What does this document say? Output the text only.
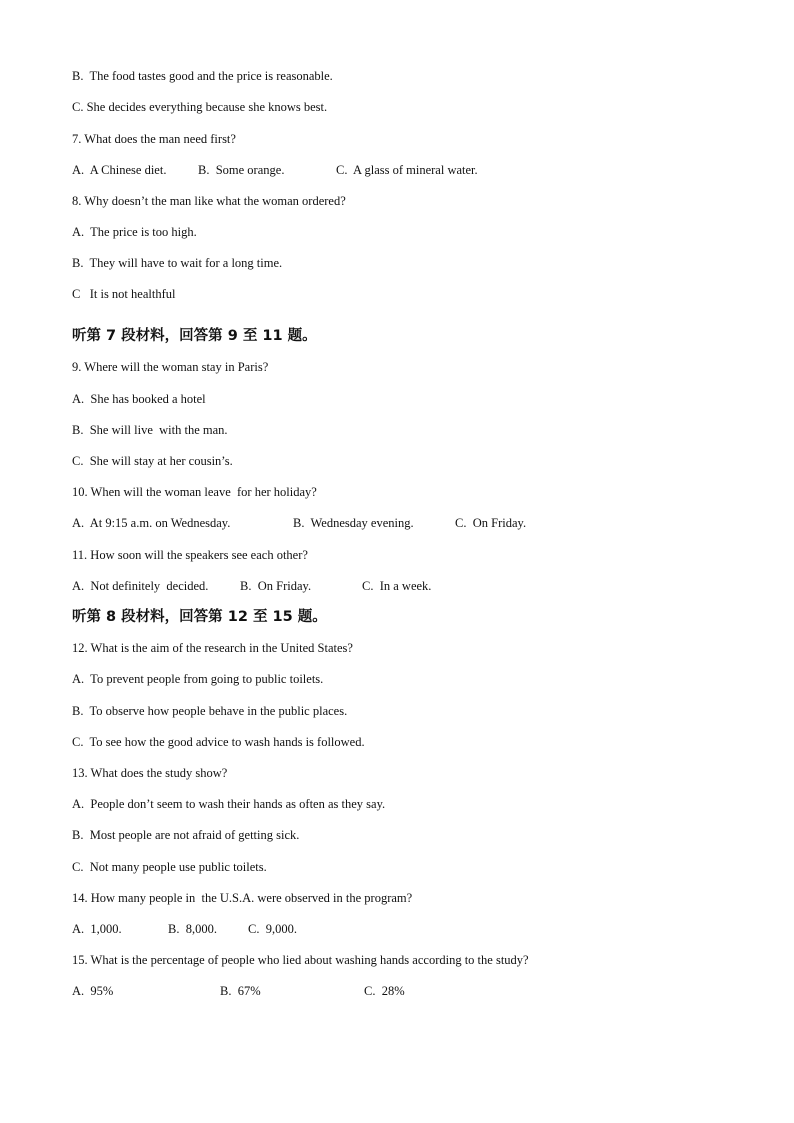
B.  The food tastes good and the price is reasonable.
C. She decides everything because she knows best.
7. What does the man need first?
A.  A Chinese diet.	B.  Some orange.	C.  A glass of mineral water.
8. Why doesn’t the man like what the woman ordered?
A.  The price is too high.
B.  They will have to wait for a long time.
C   It is not healthful
听第 7 段材料，回答第 9 至 11 题。
9. Where will the woman stay in Paris?
A.  She has booked a hotel
B.  She will live  with the man.
C.  She will stay at her cousin’s.
10. When will the woman leave  for her holiday?
A.  At 9:15 a.m. on Wednesday.	B.  Wednesday evening.	C.  On Friday.
11. How soon will the speakers see each other?
A.  Not definitely  decided.	B.  On Friday.	C.  In a week.
听第 8 段材料，回答第 12 至 15 题。
12. What is the aim of the research in the United States?
A.  To prevent people from going to public toilets.
B.  To observe how people behave in the public places.
C.  To see how the good advice to wash hands is followed.
13. What does the study show?
A.  People don’t seem to wash their hands as often as they say.
B.  Most people are not afraid of getting sick.
C.  Not many people use public toilets.
14. How many people in  the U.S.A. were observed in the program?
A.  1,000.	B.  8,000. C.  9,000.
15. What is the percentage of people who lied about washing hands according to the study?
A.  95%	B.  67%	C.  28%
